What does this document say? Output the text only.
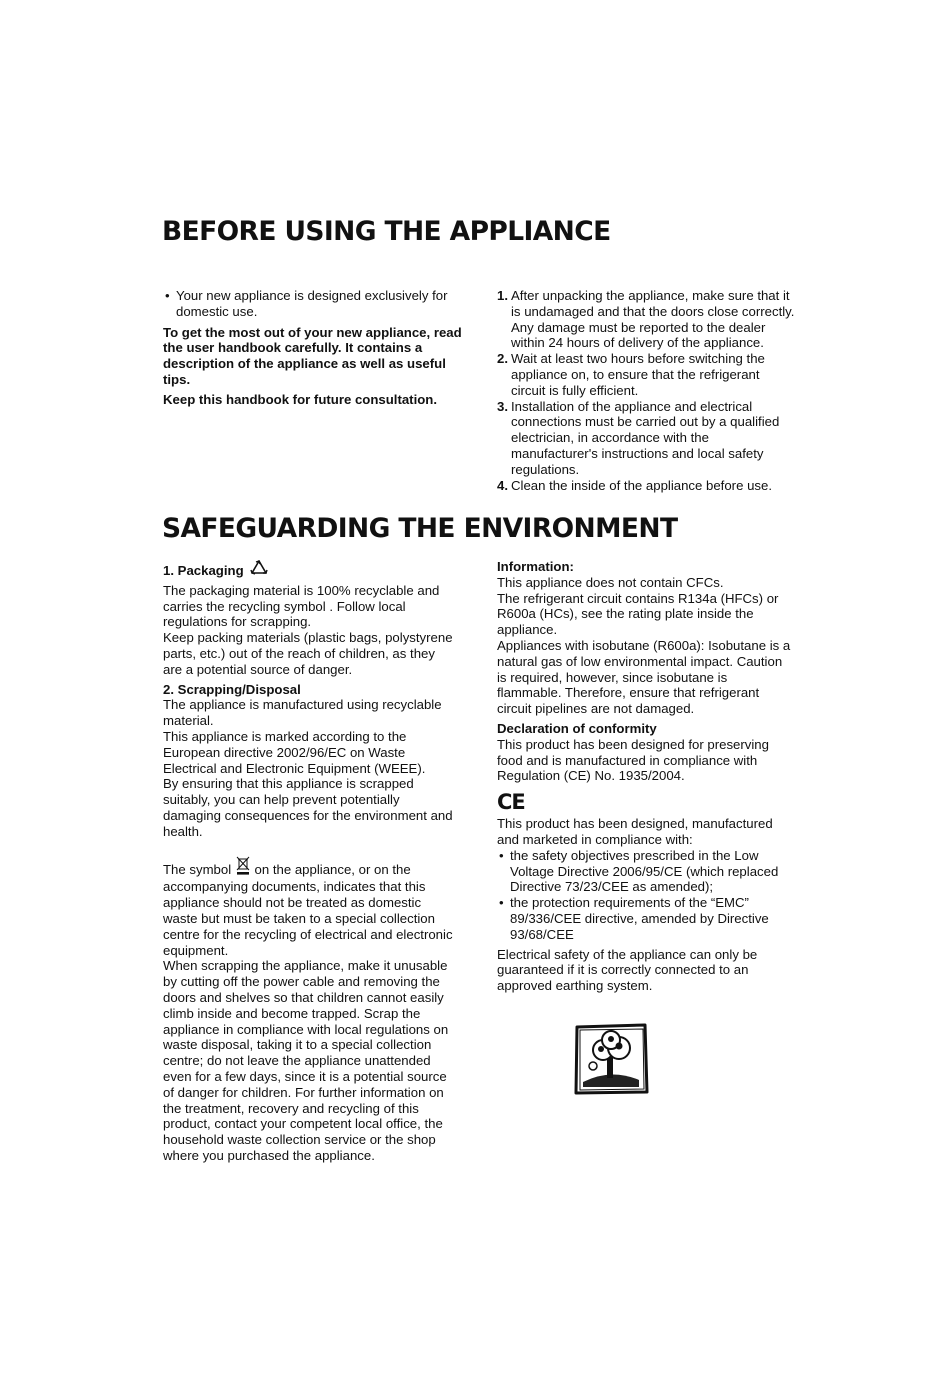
BEFORE USING THE APPLIANCE

• Your new appliance is designed exclusively for domestic use.

To get the most out of your new appliance, read the user handbook carefully. It contains a description of the appliance as well as useful tips.

Keep this handbook for future consultation.

1. After unpacking the appliance, make sure that it is undamaged and that the doors close correctly. Any damage must be reported to the dealer within 24 hours of delivery of the appliance.
2. Wait at least two hours before switching the appliance on, to ensure that the refrigerant circuit is fully efficient.
3. Installation of the appliance and electrical connections must be carried out by a qualified electrician, in accordance with the manufacturer's instructions and local safety regulations.
4. Clean the inside of the appliance before use.
SAFEGUARDING THE ENVIRONMENT

1. Packaging

The packaging material is 100% recyclable and carries the recycling symbol . Follow local regulations for scrapping.

Keep packing materials (plastic bags, polystyrene parts, etc.) out of the reach of children, as they are a potential source of danger.

2. Scrapping/Disposal

The appliance is manufactured using recyclable material.

This appliance is marked according to the European directive 2002/96/EC on Waste Electrical and Electronic Equipment (WEEE).

By ensuring that this appliance is scrapped suitably, you can help prevent potentially damaging consequences for the environment and health.

The symbol on the appliance, or on the accompanying documents, indicates that this appliance should not be treated as domestic waste but must be taken to a special collection centre for the recycling of electrical and electronic equipment.

When scrapping the appliance, make it unusable by cutting off the power cable and removing the doors and shelves so that children cannot easily climb inside and become trapped. Scrap the appliance in compliance with local regulations on waste disposal, taking it to a special collection centre; do not leave the appliance unattended even for a few days, since it is a potential source of danger for children. For further information on the treatment, recovery and recycling of this product, contact your competent local office, the household waste collection service or the shop where you purchased the appliance.

Information:

This appliance does not contain CFCs.

The refrigerant circuit contains R134a (HFCs) or R600a (HCs), see the rating plate inside the appliance.

Appliances with isobutane (R600a): Isobutane is a natural gas of low environmental impact. Caution is required, however, since isobutane is flammable. Therefore, ensure that refrigerant circuit pipelines are not damaged.

Declaration of conformity

This product has been designed for preserving food and is manufactured in compliance with Regulation (CE) No. 1935/2004.

CE

This product has been designed, manufactured and marketed in compliance with:

• the safety objectives prescribed in the Low Voltage Directive 2006/95/CE (which replaced Directive 73/23/CEE as amended);

• the protection requirements of the “EMC” 89/336/CEE directive, amended by Directive 93/68/CEE

Electrical safety of the appliance can only be guaranteed if it is correctly connected to an approved earthing system.
